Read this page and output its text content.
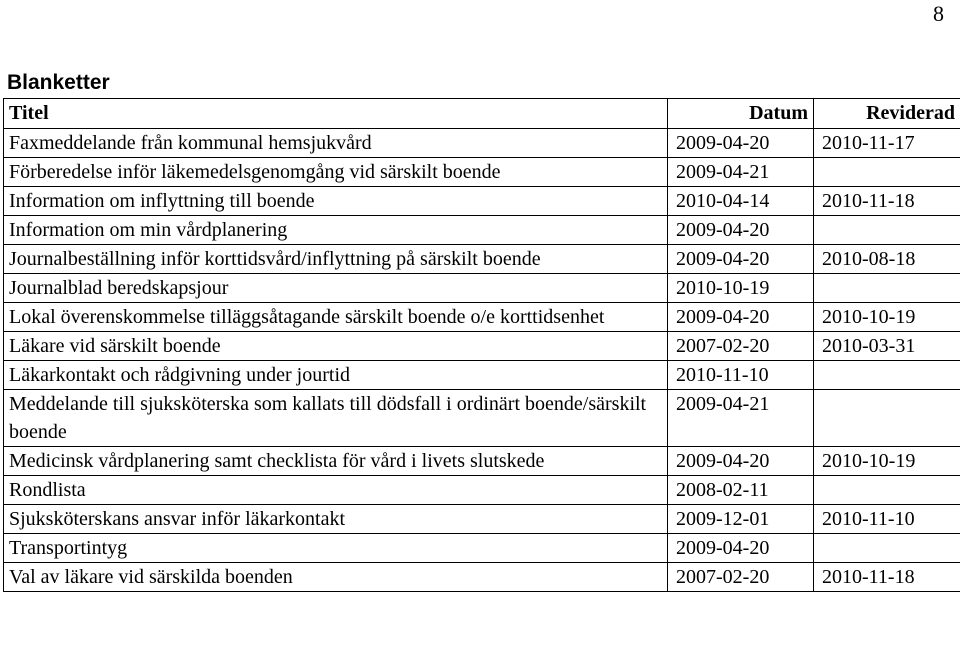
8
Blanketter
Titel	Datum	Reviderad
Faxmeddelande från kommunal hemsjukvård	2009-04-20	2010-11-17
Förberedelse inför läkemedelsgenomgång vid särskilt boende	2009-04-21	
Information om inflyttning till boende	2010-04-14	2010-11-18
Information om min vårdplanering	2009-04-20	
Journalbeställning inför korttidsvård/inflyttning på särskilt boende	2009-04-20	2010-08-18
Journalblad beredskapsjour	2010-10-19	
Lokal överenskommelse tilläggsåtagande särskilt boende o/e korttidsenhet	2009-04-20	2010-10-19
Läkare vid särskilt boende	2007-02-20	2010-03-31
Läkarkontakt och rådgivning under jourtid	2010-11-10	
Meddelande till sjuksköterska som kallats till dödsfall i ordinärt boende/särskilt boende	2009-04-21	
Medicinsk vårdplanering samt checklista för vård i livets slutskede	2009-04-20	2010-10-19
Rondlista	2008-02-11	
Sjuksköterskans ansvar inför läkarkontakt	2009-12-01	2010-11-10
Transportintyg	2009-04-20	
Val av läkare vid särskilda boenden	2007-02-20	2010-11-18
